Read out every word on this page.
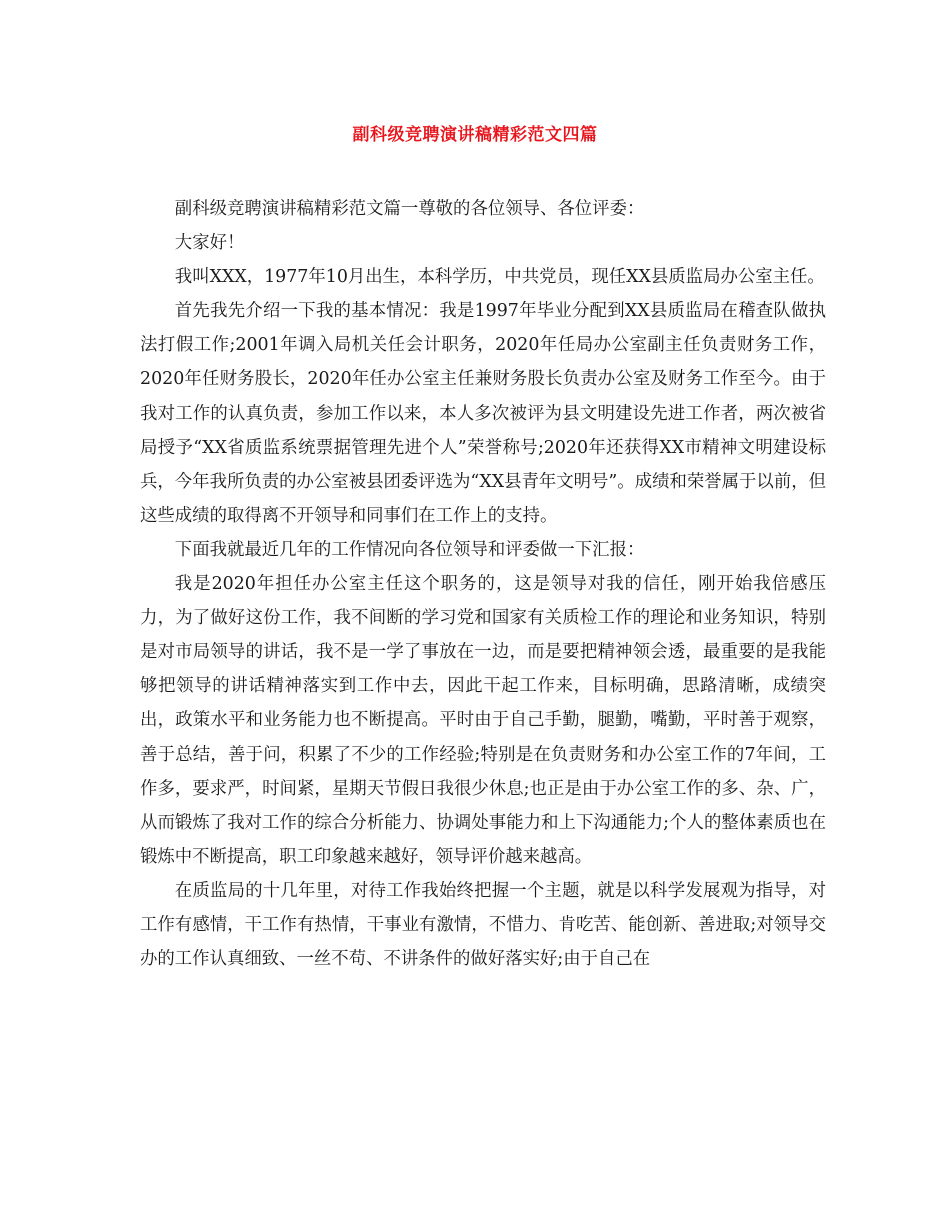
副科级竞聘演讲稿精彩范文四篇

副科级竞聘演讲稿精彩范文篇一尊敬的各位领导、各位评委：

大家好！

我叫XXX，1977年10月出生，本科学历，中共党员，现任XX县质监局办公室主任。

首先我先介绍一下我的基本情况：我是1997年毕业分配到XX县质监局在稽查队做执法打假工作;2001年调入局机关任会计职务，2020年任局办公室副主任负责财务工作，2020年任财务股长，2020年任办公室主任兼财务股长负责办公室及财务工作至今。由于我对工作的认真负责，参加工作以来，本人多次被评为县文明建设先进工作者，两次被省局授予“XX省质监系统票据管理先进个人”荣誉称号;2020年还获得XX市精神文明建设标兵，今年我所负责的办公室被县团委评选为“XX县青年文明号”。成绩和荣誉属于以前，但这些成绩的取得离不开领导和同事们在工作上的支持。

下面我就最近几年的工作情况向各位领导和评委做一下汇报：

我是2020年担任办公室主任这个职务的，这是领导对我的信任，刚开始我倍感压力，为了做好这份工作，我不间断的学习党和国家有关质检工作的理论和业务知识，特别是对市局领导的讲话，我不是一学了事放在一边，而是要把精神领会透，最重要的是我能够把领导的讲话精神落实到工作中去，因此干起工作来，目标明确，思路清晰，成绩突出，政策水平和业务能力也不断提高。平时由于自己手勤，腿勤，嘴勤，平时善于观察，善于总结，善于问，积累了不少的工作经验;特别是在负责财务和办公室工作的7年间，工作多，要求严，时间紧，星期天节假日我很少休息;也正是由于办公室工作的多、杂、广，从而锻炼了我对工作的综合分析能力、协调处事能力和上下沟通能力;个人的整体素质也在锻炼中不断提高，职工印象越来越好，领导评价越来越高。

在质监局的十几年里，对待工作我始终把握一个主题，就是以科学发展观为指导，对工作有感情，干工作有热情，干事业有激情，不惜力、肯吃苦、能创新、善进取;对领导交办的工作认真细致、一丝不苟、不讲条件的做好落实好;由于自己在
